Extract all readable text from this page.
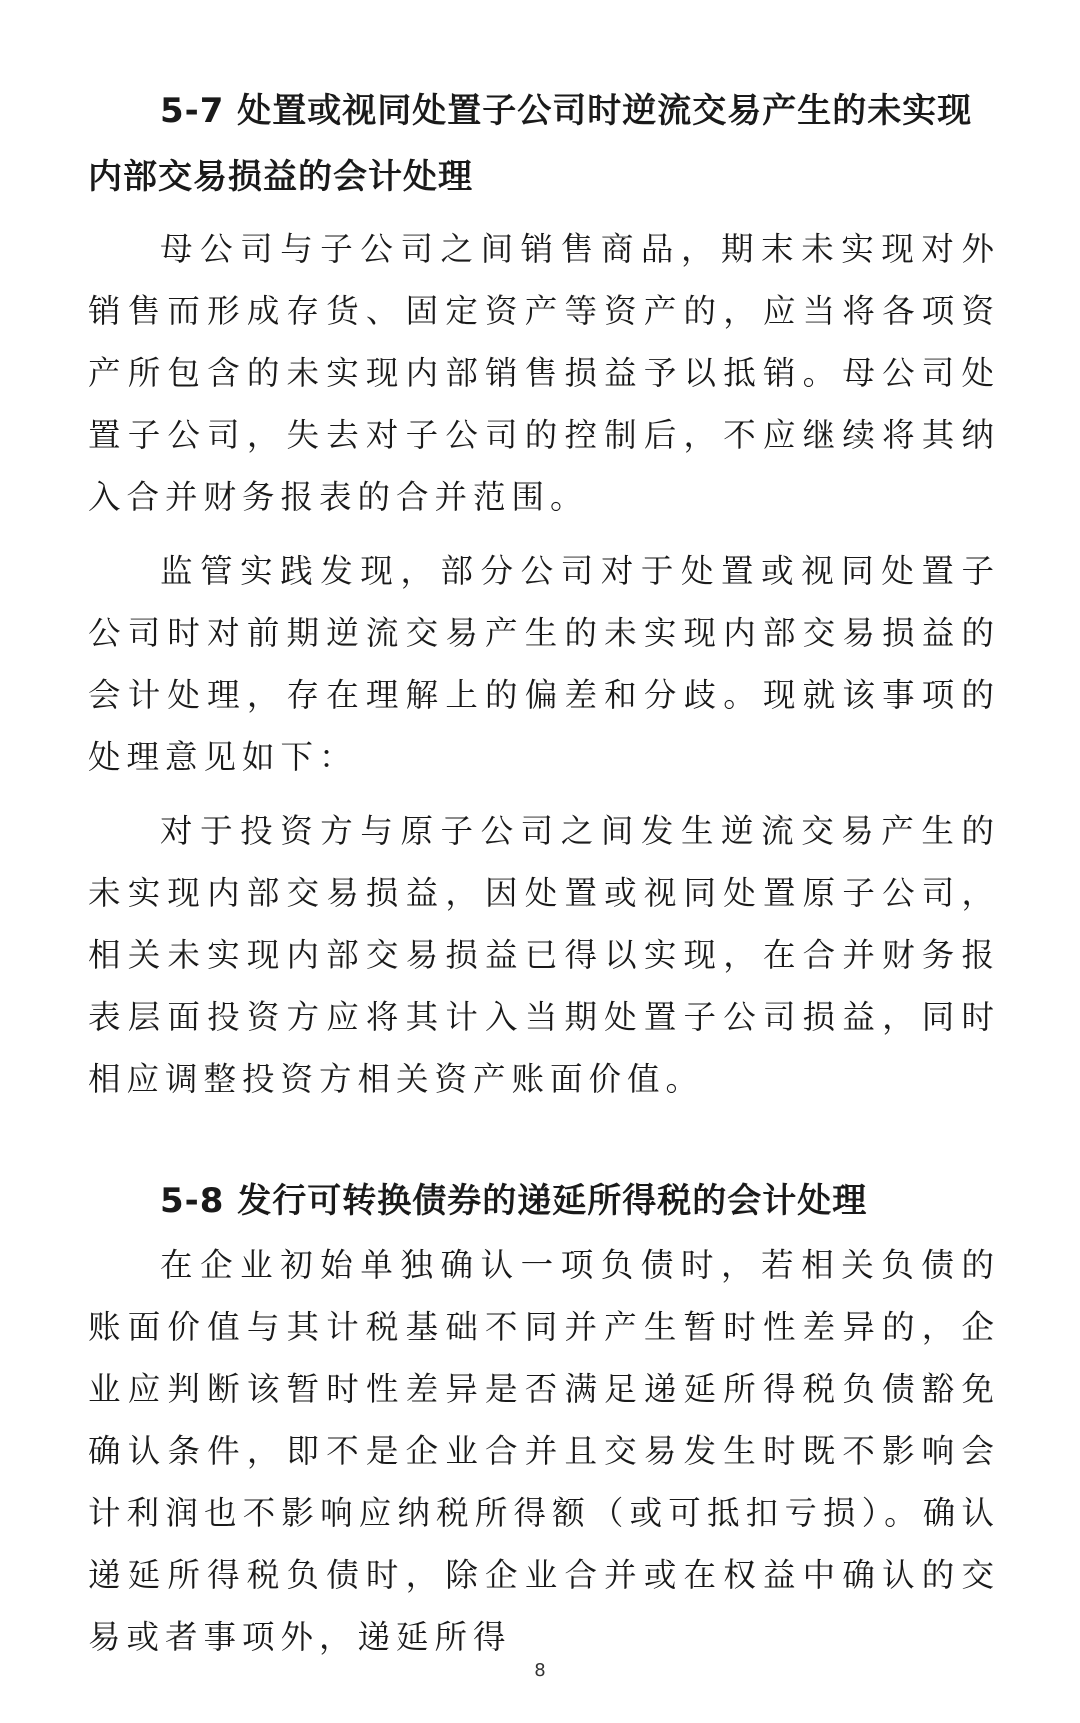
5-7 处置或视同处置子公司时逆流交易产生的未实现内部交易损益的会计处理

母公司与子公司之间销售商品，期末未实现对外销售而形成存货、固定资产等资产的，应当将各项资产所包含的未实现内部销售损益予以抵销。母公司处置子公司，失去对子公司的控制后，不应继续将其纳入合并财务报表的合并范围。

监管实践发现，部分公司对于处置或视同处置子公司时对前期逆流交易产生的未实现内部交易损益的会计处理，存在理解上的偏差和分歧。现就该事项的处理意见如下：

对于投资方与原子公司之间发生逆流交易产生的未实现内部交易损益，因处置或视同处置原子公司，相关未实现内部交易损益已得以实现，在合并财务报表层面投资方应将其计入当期处置子公司损益，同时相应调整投资方相关资产账面价值。

5-8 发行可转换债券的递延所得税的会计处理

在企业初始单独确认一项负债时，若相关负债的账面价值与其计税基础不同并产生暂时性差异的，企业应判断该暂时性差异是否满足递延所得税负债豁免确认条件，即不是企业合并且交易发生时既不影响会计利润也不影响应纳税所得额（或可抵扣亏损）。确认递延所得税负债时，除企业合并或在权益中确认的交易或者事项外，递延所得

8
